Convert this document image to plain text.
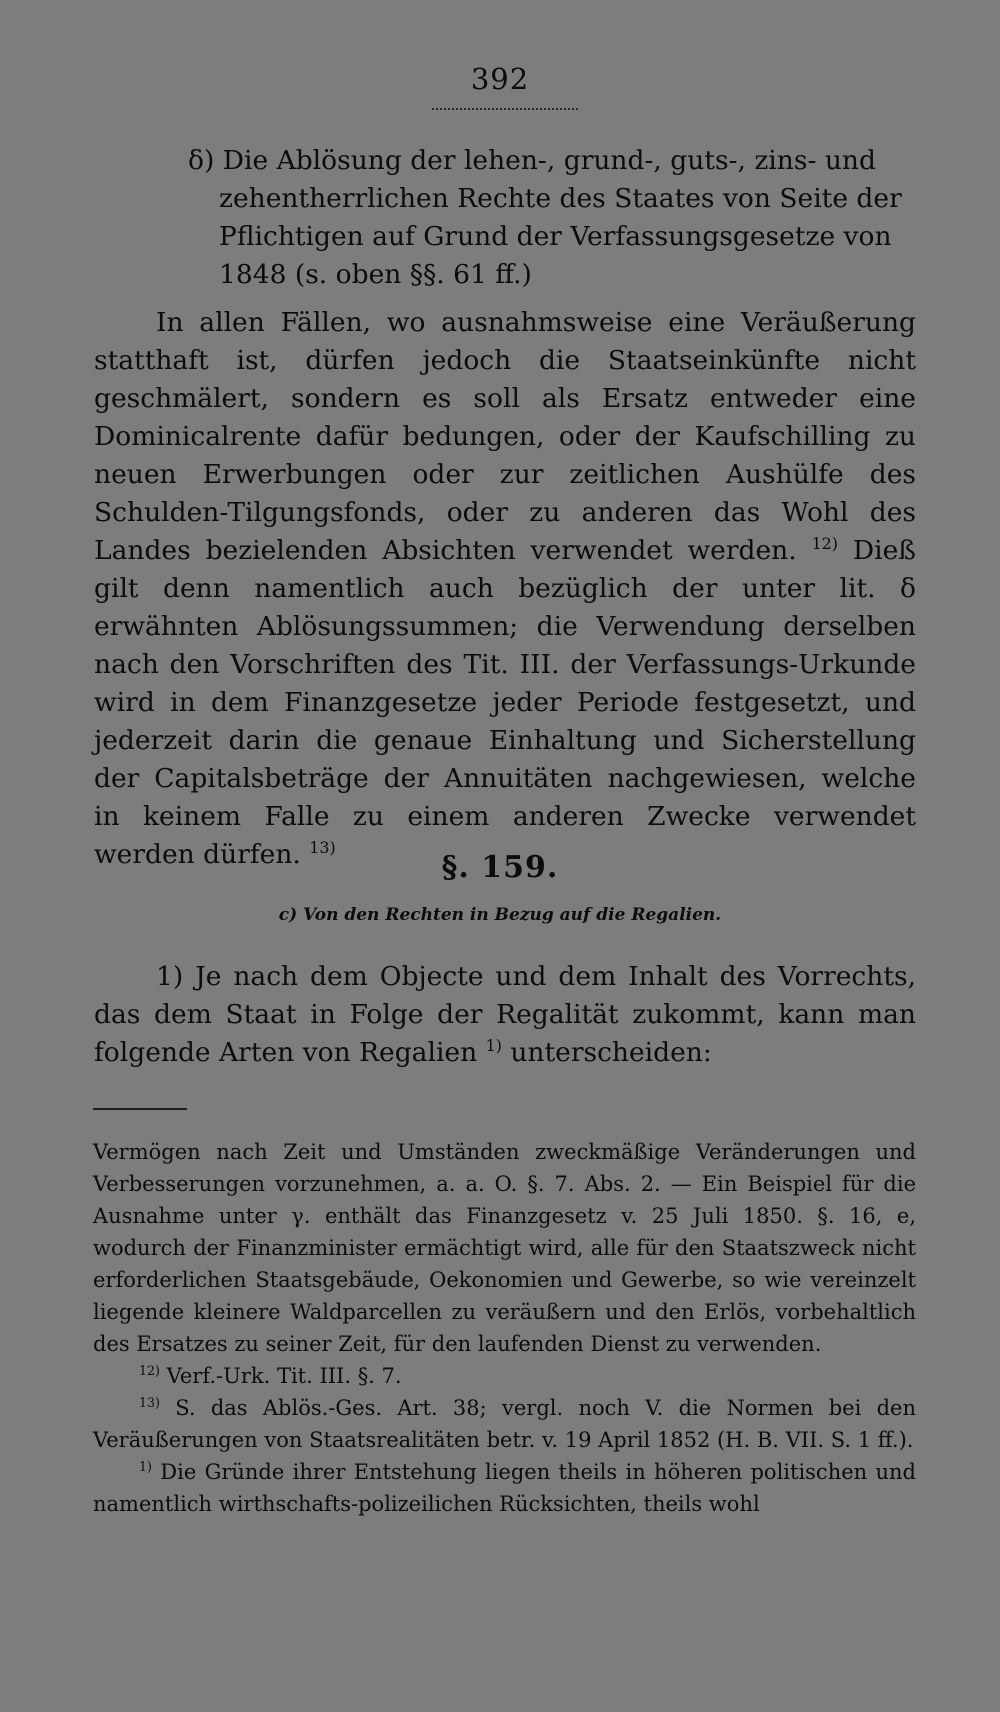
392

δ) Die Ablösung der lehen-, grund-, guts-, zins- und zehentherrlichen Rechte des Staates von Seite der Pflichtigen auf Grund der Verfassungsgesetze von 1848 (s. oben §§. 61 ff.)

In allen Fällen, wo ausnahmsweise eine Veräußerung statthaft ist, dürfen jedoch die Staatseinkünfte nicht geschmälert, sondern es soll als Ersatz entweder eine Dominicalrente dafür bedungen, oder der Kaufschilling zu neuen Erwerbungen oder zur zeitlichen Aushülfe des Schulden-Tilgungsfonds, oder zu anderen das Wohl des Landes bezielenden Absichten verwendet werden. $^{12)}$ Dieß gilt denn namentlich auch bezüglich der unter lit. δ erwähnten Ablösungssummen; die Verwendung derselben nach den Vorschriften des Tit. III. der Verfassungs-Urkunde wird in dem Finanzgesetze jeder Periode festgesetzt, und jederzeit darin die genaue Einhaltung und Sicherstellung der Capitalsbeträge der Annuitäten nachgewiesen, welche in keinem Falle zu einem anderen Zwecke verwendet werden dürfen. $^{13)}$

§. 159.
c) Von den Rechten in Bezug auf die Regalien.

1) Je nach dem Objecte und dem Inhalt des Vorrechts, das dem Staat in Folge der Regalität zukommt, kann man folgende Arten von Regalien $^{1)}$ unterscheiden:

Vermögen nach Zeit und Umständen zweckmäßige Veränderungen und Verbesserungen vorzunehmen, a. a. O. §. 7. Abs. 2. — Ein Beispiel für die Ausnahme unter γ. enthält das Finanzgesetz v. 25 Juli 1850. §. 16, e, wodurch der Finanzminister ermächtigt wird, alle für den Staatszweck nicht erforderlichen Staatsgebäude, Oekonomien und Gewerbe, so wie vereinzelt liegende kleinere Waldparcellen zu veräußern und den Erlös, vorbehaltlich des Ersatzes zu seiner Zeit, für den laufenden Dienst zu verwenden.

$^{12)}$ Verf.-Urk. Tit. III. §. 7.

$^{13)}$ S. das Ablös.-Ges. Art. 38; vergl. noch V. die Normen bei den Veräußerungen von Staatsrealitäten betr. v. 19 April 1852 (H. B. VII. S. 1 ff.).

$^{1)}$ Die Gründe ihrer Entstehung liegen theils in höheren politischen und namentlich wirthschafts-polizeilichen Rücksichten, theils wohl
